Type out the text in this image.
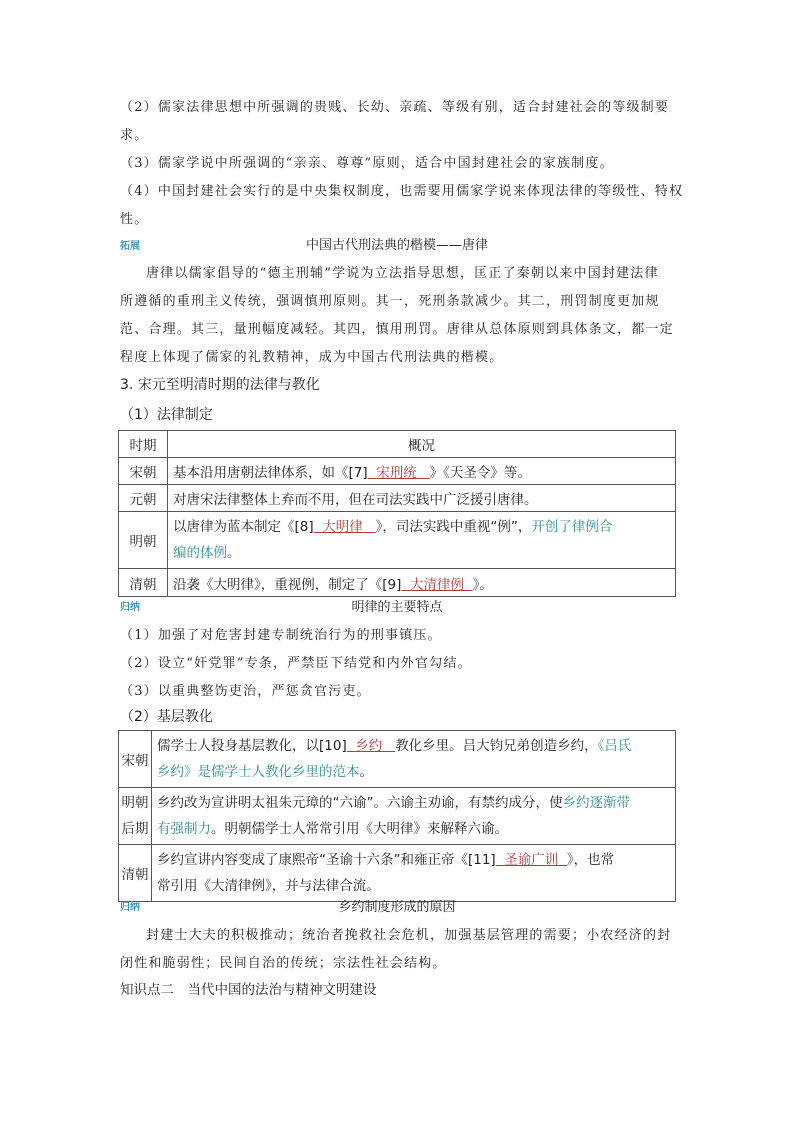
（2）儒家法律思想中所强调的贵贱、长幼、亲疏、等级有别，适合封建社会的等级制要
求。
（3）儒家学说中所强调的“亲亲、尊尊”原则，适合中国封建社会的家族制度。
（4）中国封建社会实行的是中央集权制度，也需要用儒家学说来体现法律的等级性、特权
性。
拓展	中国古代刑法典的楷模——唐律
唐律以儒家倡导的“德主刑辅”学说为立法指导思想，匡正了秦朝以来中国封建法律
所遵循的重刑主义传统，强调慎刑原则。其一，死刑条款减少。其二，刑罚制度更加规
范、合理。其三，量刑幅度减轻。其四，慎用刑罚。唐律从总体原则到具体条文，都一定
程度上体现了儒家的礼教精神，成为中国古代刑法典的楷模。
3. 宋元至明清时期的法律与教化
（1）法律制定
时期	概况
宋朝	基本沿用唐朝法律体系，如《[7] 宋刑统 》《天圣令》等。
元朝	对唐宋法律整体上弃而不用，但在司法实践中广泛援引唐律。
明朝	以唐律为蓝本制定《[8] 大明律 》，司法实践中重视“例”，开创了律例合
编的体例。
清朝	沿袭《大明律》，重视例，制定了《[9] 大清律例 》。
归纳	明律的主要特点
（1）加强了对危害封建专制统治行为的刑事镇压。
（2）设立“奸党罪”专条，严禁臣下结党和内外官勾结。
（3）以重典整饬吏治，严惩贪官污吏。
（2）基层教化
宋朝	儒学士人投身基层教化，以[10] 乡约 教化乡里。吕大钧兄弟创造乡约，《吕氏
乡约》是儒学士人教化乡里的范本。
明朝
后期	乡约改为宣讲明太祖朱元璋的“六谕”。六谕主劝谕，有禁约成分，使乡约逐渐带
有强制力。明朝儒学士人常常引用《大明律》来解释六谕。
清朝	乡约宣讲内容变成了康熙帝“圣谕十六条”和雍正帝《[11] 圣谕广训 》，也常
常引用《大清律例》，并与法律合流。
归纳	乡约制度形成的原因
封建士大夫的积极推动；统治者挽救社会危机，加强基层管理的需要；小农经济的封
闭性和脆弱性；民间自治的传统；宗法性社会结构。
知识点二　当代中国的法治与精神文明建设
